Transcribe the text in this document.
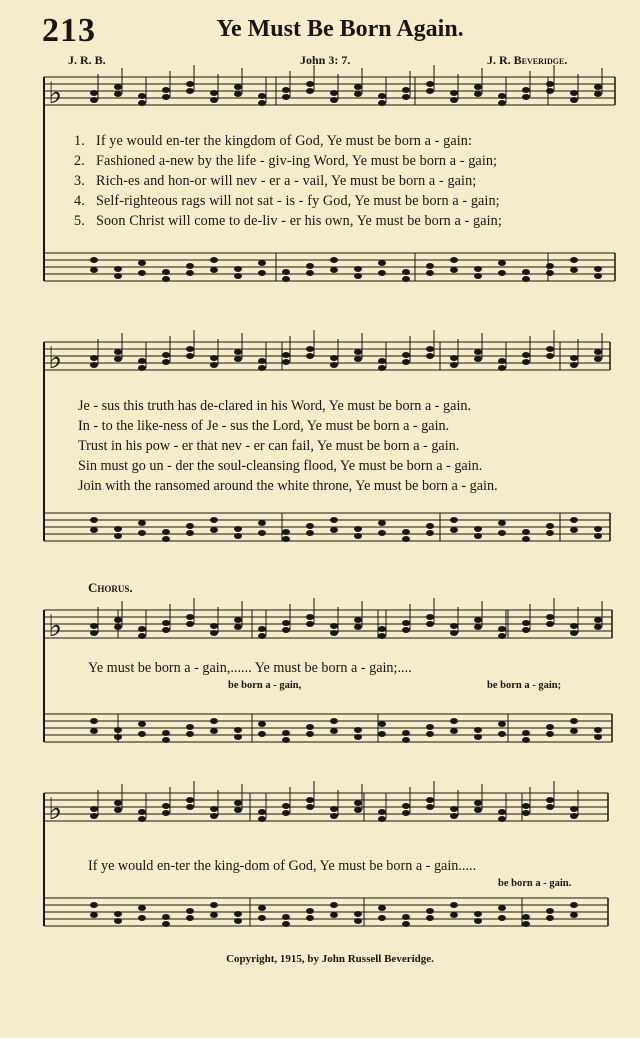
♭
♭
♭
♭
213	Ye Must Be Born Again.
J. R. B.	John 3: 7.	J. R. Beveridge.
1. If ye would en-ter the kingdom of God, Ye must be born a - gain:
2. Fashioned a-new by the life - giv-ing Word, Ye must be born a - gain;
3. Rich-es and hon-or will nev - er a - vail, Ye must be born a - gain;
4. Self-righteous rags will not sat - is - fy God, Ye must be born a - gain;
5. Soon Christ will come to de-liv - er his own, Ye must be born a - gain;
Je - sus this truth has de-clared in his Word, Ye must be born a - gain.
In - to the like-ness of Je - sus the Lord, Ye must be born a - gain.
Trust in his pow - er that nev - er can fail, Ye must be born a - gain.
Sin must go un - der the soul-cleansing flood, Ye must be born a - gain.
Join with the ransomed around the white throne, Ye must be born a - gain.
Chorus.
Ye must be born a - gain,...... Ye must be born a - gain;....
be born a - gain,	be born a - gain;
If ye would en-ter the king-dom of God, Ye must be born a - gain.....
be born a - gain.
Copyright, 1915, by John Russell Beveridge.
